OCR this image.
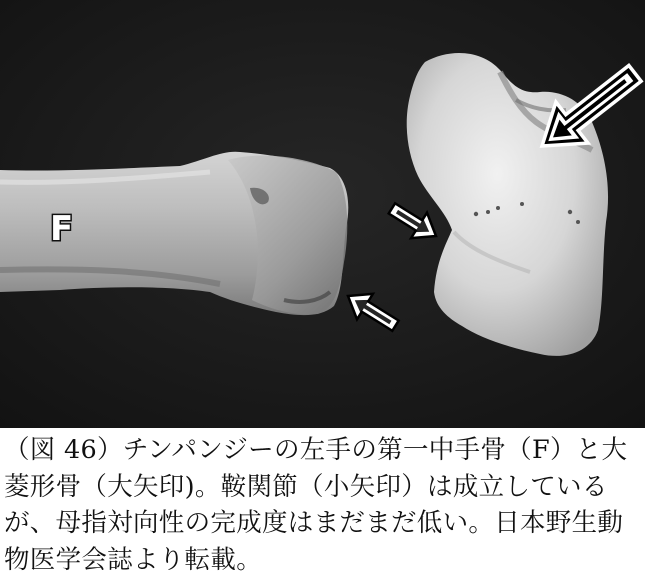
F

（図 46）チンパンジーの左手の第一中手骨（F）と大菱形骨（大矢印)。鞍関節（小矢印）は成立しているが、母指対向性の完成度はまだまだ低い。日本野生動物医学会誌より転載。
